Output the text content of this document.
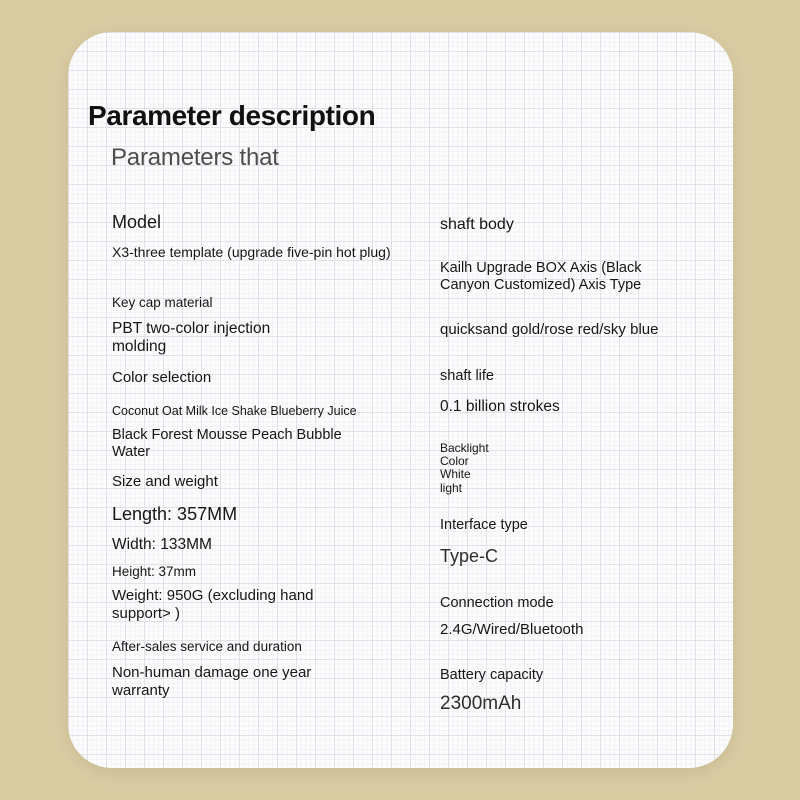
Parameter description
Parameters that
Model
X3-three template (upgrade five-pin hot plug)
Key cap material
PBT two-color injection molding
Color selection
Coconut Oat Milk Ice Shake Blueberry Juice
Black Forest Mousse Peach Bubble Water
Size and weight
Length: 357MM
Width: 133MM
Height: 37mm
Weight: 950G (excluding hand support> )
After-sales service and duration
Non-human damage one year warranty
shaft body
Kailh Upgrade BOX Axis (Black Canyon Customized) Axis Type
quicksand gold/rose red/sky blue
shaft life
0.1 billion strokes
Backlight Color White light
Interface type
Type-C
Connection mode
2.4G/Wired/Bluetooth
Battery capacity
2300mAh
